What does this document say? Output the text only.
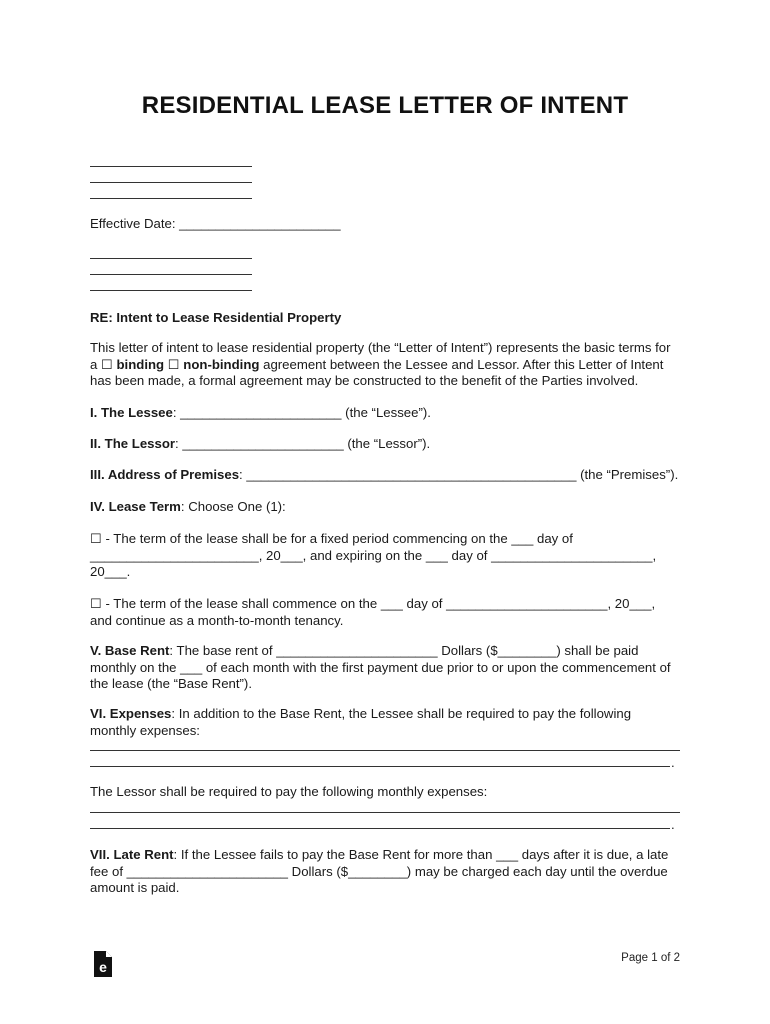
RESIDENTIAL LEASE LETTER OF INTENT
Effective Date: ______________________
RE: Intent to Lease Residential Property
This letter of intent to lease residential property (the “Letter of Intent”) represents the basic terms for
a ☐ binding ☐ non-binding agreement between the Lessee and Lessor. After this Letter of Intent
has been made, a formal agreement may be constructed to the benefit of the Parties involved.
I. The Lessee: ______________________ (the “Lessee”).
II. The Lessor: ______________________ (the “Lessor”).
III. Address of Premises: _____________________________________________ (the “Premises”).
IV. Lease Term: Choose One (1):
☐ - The term of the lease shall be for a fixed period commencing on the ___ day of
_______________________, 20___, and expiring on the ___ day of ______________________,
20___.
☐ - The term of the lease shall commence on the ___ day of ______________________, 20___,
and continue as a month-to-month tenancy.
V. Base Rent: The base rent of ______________________ Dollars ($________) shall be paid
monthly on the ___ of each month with the first payment due prior to or upon the commencement of
the lease (the “Base Rent”).
VI. Expenses: In addition to the Base Rent, the Lessee shall be required to pay the following
monthly expenses:
.
The Lessor shall be required to pay the following monthly expenses:
.
VII. Late Rent: If the Lessee fails to pay the Base Rent for more than ___ days after it is due, a late
fee of ______________________ Dollars ($________) may be charged each day until the overdue
amount is paid.
e
Page 1 of 2
